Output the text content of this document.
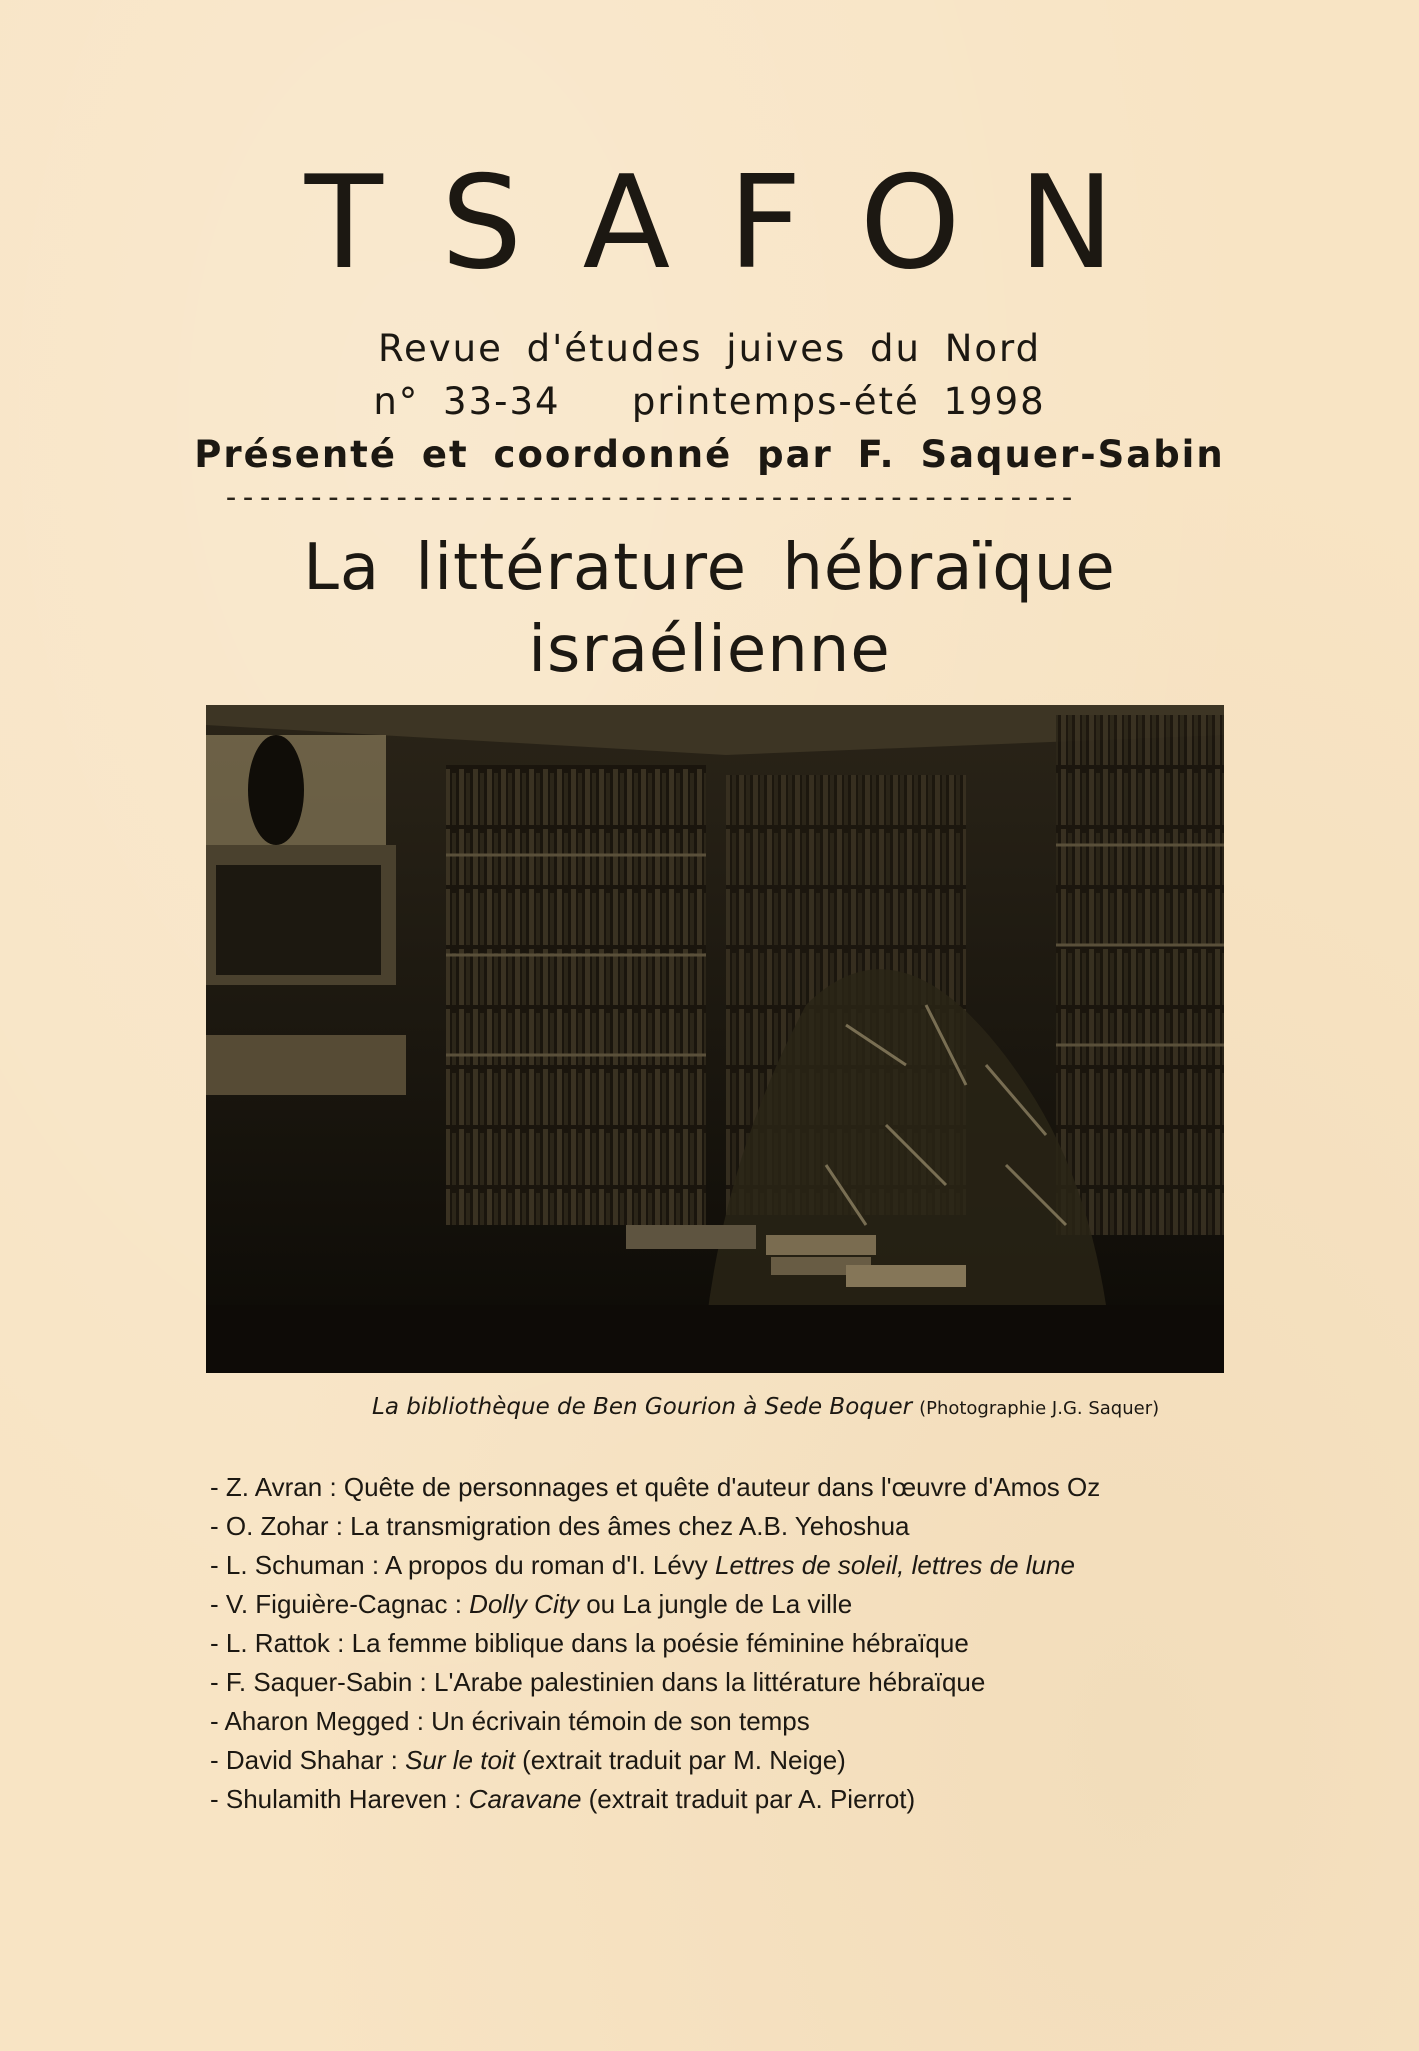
TSAFON
Revue d'études juives du Nord
n° 33-34   printemps-été 1998
Présenté et coordonné par F. Saquer-Sabin
--------------------------------------------------
La littérature hébraïque
israélienne
La bibliothèque de Ben Gourion à Sede Boquer (Photographie J.G. Saquer)
- Z. Avran : Quête de personnages et quête d'auteur dans l'œuvre d'Amos Oz
- O. Zohar : La transmigration des âmes chez A.B. Yehoshua
- L. Schuman : A propos du roman d'I. Lévy Lettres de soleil, lettres de lune
- V. Figuière-Cagnac : Dolly City ou La jungle de La ville
- L. Rattok : La femme biblique dans la poésie féminine hébraïque
- F. Saquer-Sabin : L'Arabe palestinien dans la littérature hébraïque
- Aharon Megged : Un écrivain témoin de son temps
- David Shahar : Sur le toit (extrait traduit par M. Neige)
- Shulamith Hareven : Caravane (extrait traduit par A. Pierrot)
